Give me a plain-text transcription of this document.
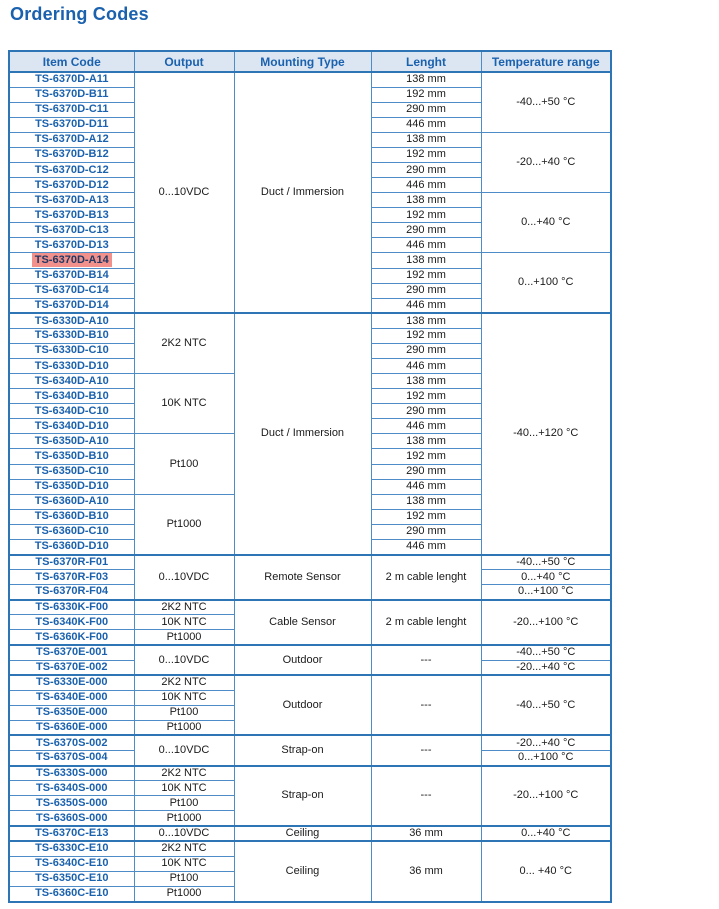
Ordering Codes
Item Code	Output	Mounting Type	Lenght	Temperature range
TS-6370D-A11	0...10VDC	Duct / Immersion	138 mm	-40...+50 °C
TS-6370D-B11			192 mm	
TS-6370D-C11			290 mm	
TS-6370D-D11			446 mm	
TS-6370D-A12			138 mm	-20...+40 °C
TS-6370D-B12			192 mm	
TS-6370D-C12			290 mm	
TS-6370D-D12			446 mm	
TS-6370D-A13			138 mm	0...+40 °C
TS-6370D-B13			192 mm	
TS-6370D-C13			290 mm	
TS-6370D-D13			446 mm	
TS-6370D-A14			138 mm	0...+100 °C
TS-6370D-B14			192 mm	
TS-6370D-C14			290 mm	
TS-6370D-D14			446 mm	
TS-6330D-A10	2K2 NTC	Duct / Immersion	138 mm	-40...+120 °C
TS-6330D-B10			192 mm	
TS-6330D-C10			290 mm	
TS-6330D-D10			446 mm	
TS-6340D-A10	10K NTC		138 mm	
TS-6340D-B10			192 mm	
TS-6340D-C10			290 mm	
TS-6340D-D10			446 mm	
TS-6350D-A10	Pt100		138 mm	
TS-6350D-B10			192 mm	
TS-6350D-C10			290 mm	
TS-6350D-D10			446 mm	
TS-6360D-A10	Pt1000		138 mm	
TS-6360D-B10			192 mm	
TS-6360D-C10			290 mm	
TS-6360D-D10			446 mm	
TS-6370R-F01	0...10VDC	Remote Sensor	2 m cable lenght	-40...+50 °C
TS-6370R-F03				0...+40 °C
TS-6370R-F04				0...+100 °C
TS-6330K-F00	2K2 NTC	Cable Sensor	2 m cable lenght	-20...+100 °C
TS-6340K-F00	10K NTC			
TS-6360K-F00	Pt1000			
TS-6370E-001	0...10VDC	Outdoor	---	-40...+50 °C
TS-6370E-002				-20...+40 °C
TS-6330E-000	2K2 NTC	Outdoor	---	-40...+50 °C
TS-6340E-000	10K NTC			
TS-6350E-000	Pt100			
TS-6360E-000	Pt1000			
TS-6370S-002	0...10VDC	Strap-on	---	-20...+40 °C
TS-6370S-004				0...+100 °C
TS-6330S-000	2K2 NTC	Strap-on	---	-20...+100 °C
TS-6340S-000	10K NTC			
TS-6350S-000	Pt100			
TS-6360S-000	Pt1000			
TS-6370C-E13	0...10VDC	Ceiling	36 mm	0...+40 °C
TS-6330C-E10	2K2 NTC	Ceiling	36 mm	0... +40 °C
TS-6340C-E10	10K NTC			
TS-6350C-E10	Pt100			
TS-6360C-E10	Pt1000			
